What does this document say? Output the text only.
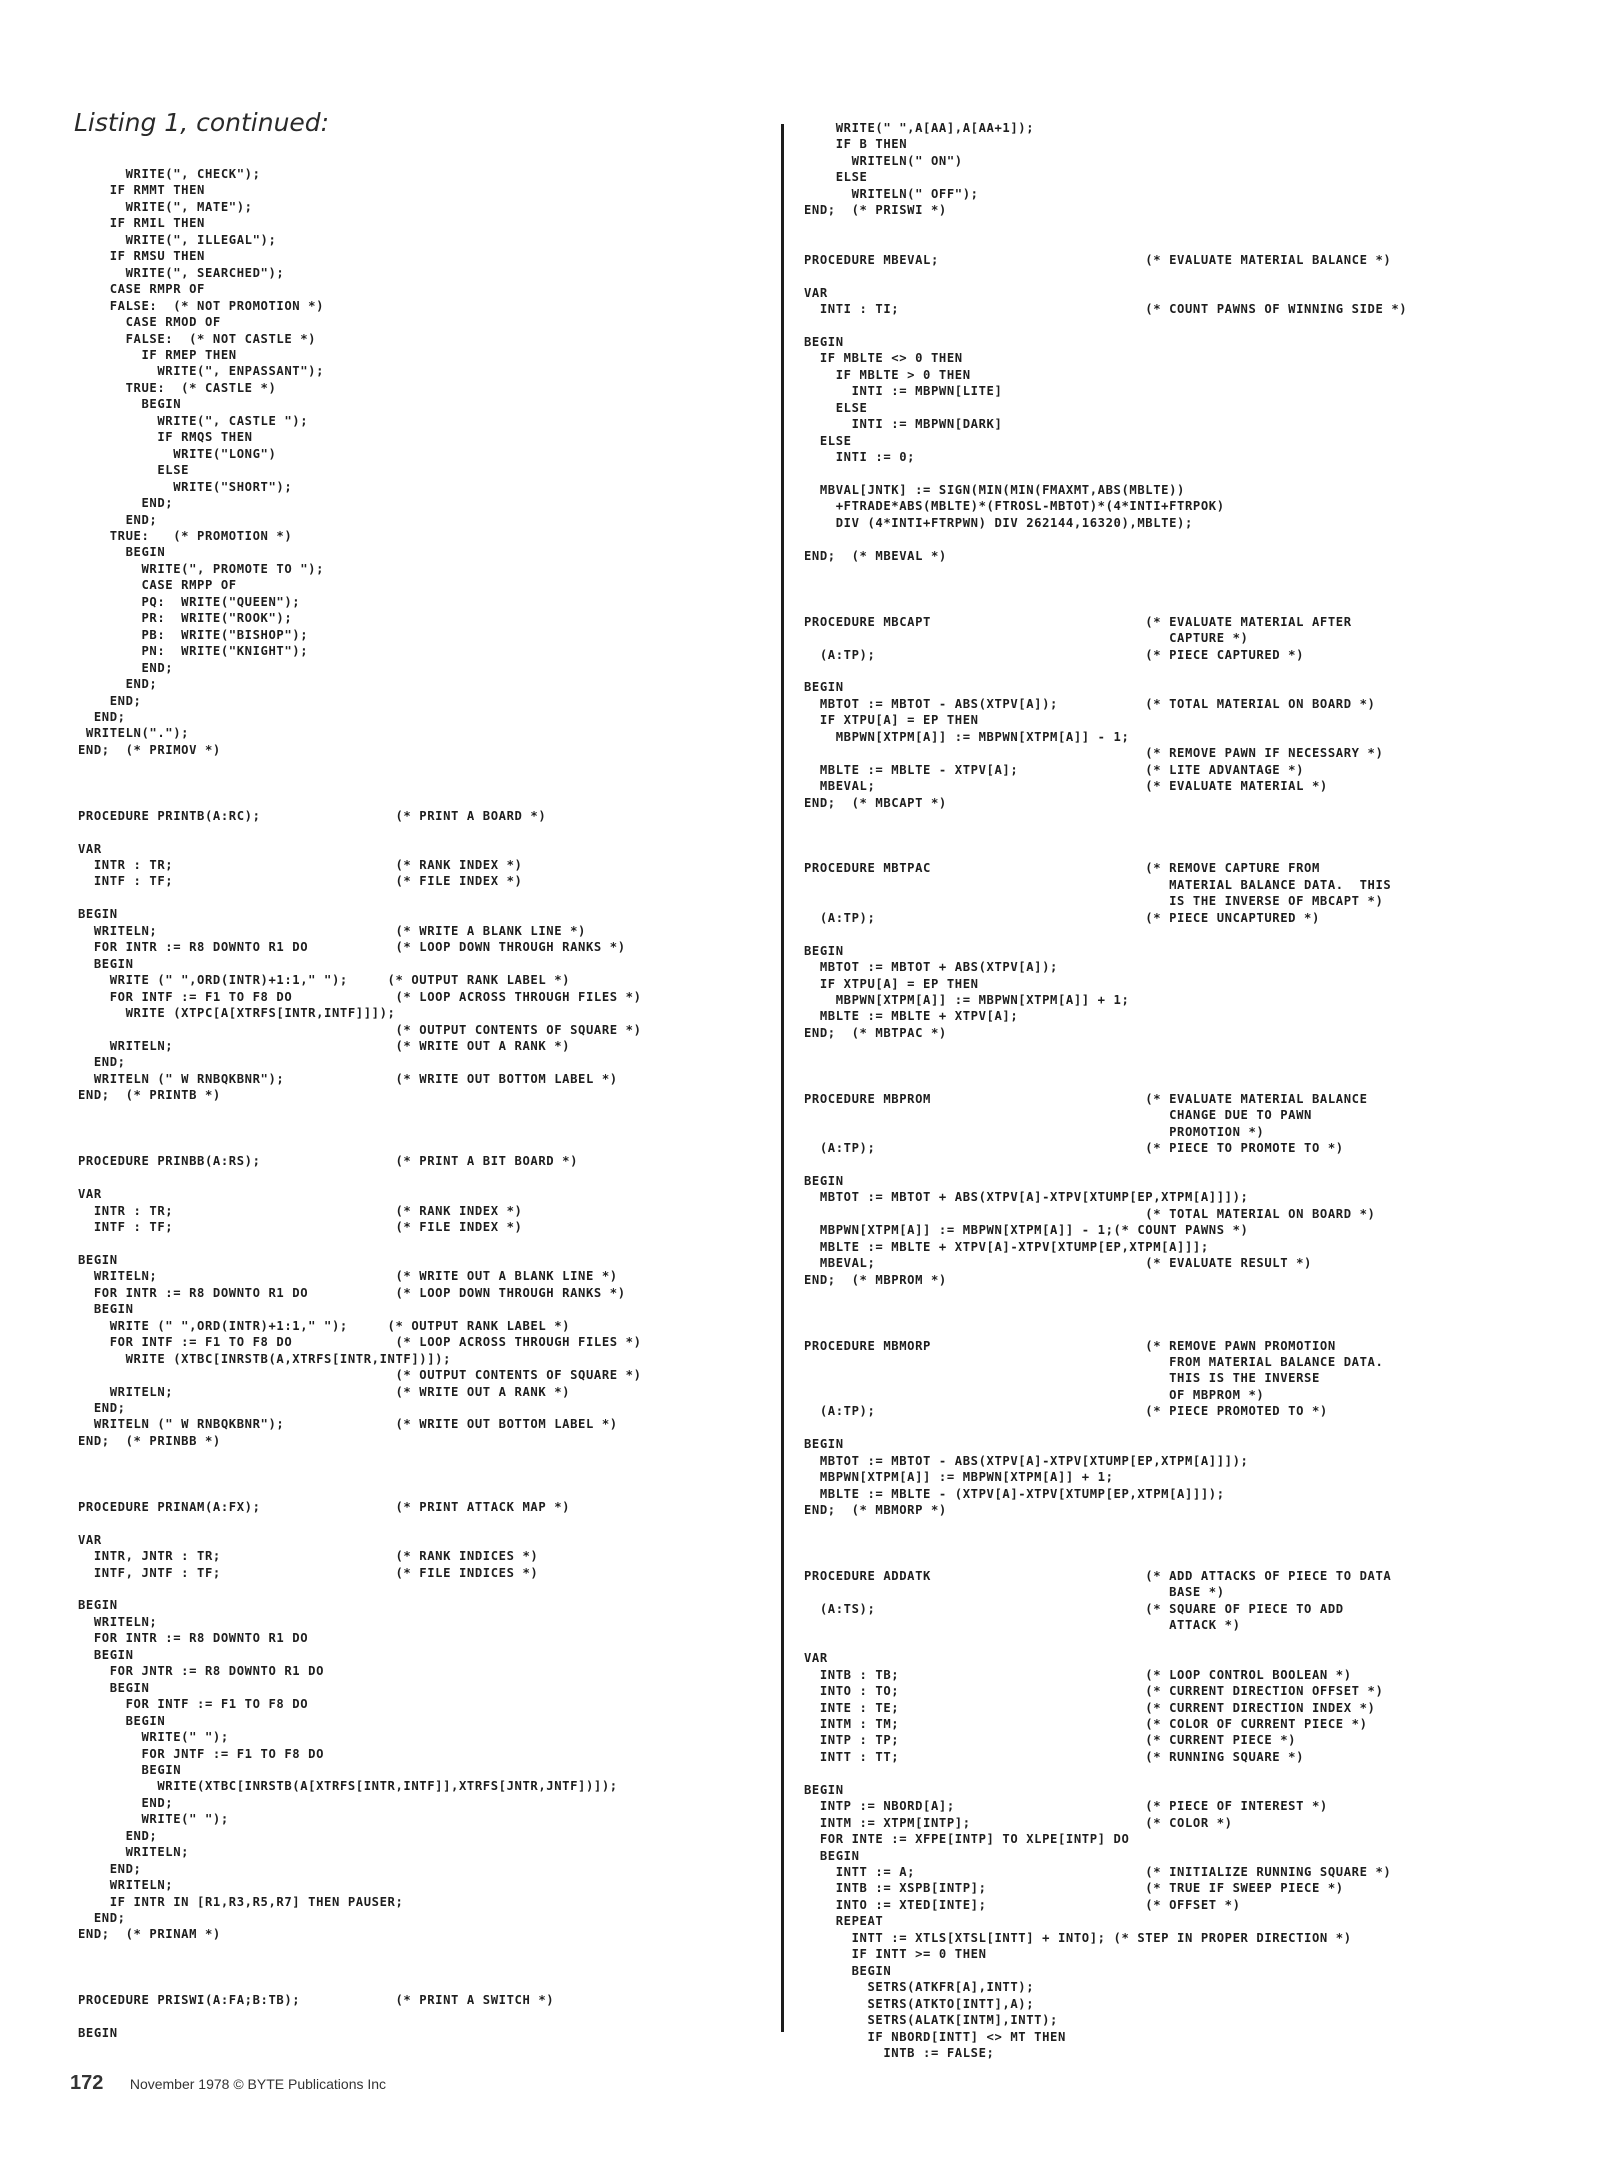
Listing 1, continued:
WRITE(", CHECK");
IF RMMT THEN
WRITE(", MATE");
IF RMIL THEN
WRITE(", ILLEGAL");
IF RMSU THEN
WRITE(", SEARCHED");
CASE RMPR OF
FALSE:  (* NOT PROMOTION *)
CASE RMOD OF
FALSE:  (* NOT CASTLE *)
IF RMEP THEN
WRITE(", ENPASSANT");
TRUE:  (* CASTLE *)
BEGIN
WRITE(", CASTLE ");
IF RMQS THEN
WRITE("LONG")
ELSE
WRITE("SHORT");
END;
END;
TRUE:   (* PROMOTION *)
BEGIN
WRITE(", PROMOTE TO ");
CASE RMPP OF
PQ:  WRITE("QUEEN");
PR:  WRITE("ROOK");
PB:  WRITE("BISHOP");
PN:  WRITE("KNIGHT");
END;
END;
END;
END;
WRITELN(".");
END;  (* PRIMOV *)

PROCEDURE PRINTB(A:RC);                 (* PRINT A BOARD *)

VAR
INTR : TR;                            (* RANK INDEX *)
INTF : TF;                            (* FILE INDEX *)

BEGIN
WRITELN;                              (* WRITE A BLANK LINE *)
FOR INTR := R8 DOWNTO R1 DO           (* LOOP DOWN THROUGH RANKS *)
BEGIN
WRITE (" ",ORD(INTR)+1:1," ");     (* OUTPUT RANK LABEL *)
FOR INTF := F1 TO F8 DO             (* LOOP ACROSS THROUGH FILES *)
WRITE (XTPC[A[XTRFS[INTR,INTF]]]);
(* OUTPUT CONTENTS OF SQUARE *)
WRITELN;                            (* WRITE OUT A RANK *)
END;
WRITELN (" W RNBQKBNR");              (* WRITE OUT BOTTOM LABEL *)
END;  (* PRINTB *)

PROCEDURE PRINBB(A:RS);                 (* PRINT A BIT BOARD *)

VAR
INTR : TR;                            (* RANK INDEX *)
INTF : TF;                            (* FILE INDEX *)

BEGIN
WRITELN;                              (* WRITE OUT A BLANK LINE *)
FOR INTR := R8 DOWNTO R1 DO           (* LOOP DOWN THROUGH RANKS *)
BEGIN
WRITE (" ",ORD(INTR)+1:1," ");     (* OUTPUT RANK LABEL *)
FOR INTF := F1 TO F8 DO             (* LOOP ACROSS THROUGH FILES *)
WRITE (XTBC[INRSTB(A,XTRFS[INTR,INTF])]);
(* OUTPUT CONTENTS OF SQUARE *)
WRITELN;                            (* WRITE OUT A RANK *)
END;
WRITELN (" W RNBQKBNR");              (* WRITE OUT BOTTOM LABEL *)
END;  (* PRINBB *)

PROCEDURE PRINAM(A:FX);                 (* PRINT ATTACK MAP *)

VAR
INTR, JNTR : TR;                      (* RANK INDICES *)
INTF, JNTF : TF;                      (* FILE INDICES *)

BEGIN
WRITELN;
FOR INTR := R8 DOWNTO R1 DO
BEGIN
FOR JNTR := R8 DOWNTO R1 DO
BEGIN
FOR INTF := F1 TO F8 DO
BEGIN
WRITE(" ");
FOR JNTF := F1 TO F8 DO
BEGIN
WRITE(XTBC[INRSTB(A[XTRFS[INTR,INTF]],XTRFS[JNTR,JNTF])]);
END;
WRITE(" ");
END;
WRITELN;
END;
WRITELN;
IF INTR IN [R1,R3,R5,R7] THEN PAUSER;
END;
END;  (* PRINAM *)

PROCEDURE PRISWI(A:FA;B:TB);            (* PRINT A SWITCH *)

BEGIN
WRITE(" ",A[AA],A[AA+1]);
IF B THEN
WRITELN(" ON")
ELSE
WRITELN(" OFF");
END;  (* PRISWI *)

PROCEDURE MBEVAL;                          (* EVALUATE MATERIAL BALANCE *)

VAR
INTI : TI;                               (* COUNT PAWNS OF WINNING SIDE *)

BEGIN
IF MBLTE <> 0 THEN
IF MBLTE > 0 THEN
INTI := MBPWN[LITE]
ELSE
INTI := MBPWN[DARK]
ELSE
INTI := 0;

MBVAL[JNTK] := SIGN(MIN(MIN(FMAXMT,ABS(MBLTE))
+FTRADE*ABS(MBLTE)*(FTROSL-MBTOT)*(4*INTI+FTRPOK)
DIV (4*INTI+FTRPWN) DIV 262144,16320),MBLTE);

END;  (* MBEVAL *)

PROCEDURE MBCAPT                           (* EVALUATE MATERIAL AFTER
CAPTURE *)
(A:TP);                                  (* PIECE CAPTURED *)

BEGIN
MBTOT := MBTOT - ABS(XTPV[A]);           (* TOTAL MATERIAL ON BOARD *)
IF XTPU[A] = EP THEN
MBPWN[XTPM[A]] := MBPWN[XTPM[A]] - 1;
(* REMOVE PAWN IF NECESSARY *)
MBLTE := MBLTE - XTPV[A];                (* LITE ADVANTAGE *)
MBEVAL;                                  (* EVALUATE MATERIAL *)
END;  (* MBCAPT *)

PROCEDURE MBTPAC                           (* REMOVE CAPTURE FROM
MATERIAL BALANCE DATA.  THIS
IS THE INVERSE OF MBCAPT *)
(A:TP);                                  (* PIECE UNCAPTURED *)

BEGIN
MBTOT := MBTOT + ABS(XTPV[A]);
IF XTPU[A] = EP THEN
MBPWN[XTPM[A]] := MBPWN[XTPM[A]] + 1;
MBLTE := MBLTE + XTPV[A];
END;  (* MBTPAC *)

PROCEDURE MBPROM                           (* EVALUATE MATERIAL BALANCE
CHANGE DUE TO PAWN
PROMOTION *)
(A:TP);                                  (* PIECE TO PROMOTE TO *)

BEGIN
MBTOT := MBTOT + ABS(XTPV[A]-XTPV[XTUMP[EP,XTPM[A]]]);
(* TOTAL MATERIAL ON BOARD *)
MBPWN[XTPM[A]] := MBPWN[XTPM[A]] - 1;(* COUNT PAWNS *)
MBLTE := MBLTE + XTPV[A]-XTPV[XTUMP[EP,XTPM[A]]];
MBEVAL;                                  (* EVALUATE RESULT *)
END;  (* MBPROM *)

PROCEDURE MBMORP                           (* REMOVE PAWN PROMOTION
FROM MATERIAL BALANCE DATA.
THIS IS THE INVERSE
OF MBPROM *)
(A:TP);                                  (* PIECE PROMOTED TO *)

BEGIN
MBTOT := MBTOT - ABS(XTPV[A]-XTPV[XTUMP[EP,XTPM[A]]]);
MBPWN[XTPM[A]] := MBPWN[XTPM[A]] + 1;
MBLTE := MBLTE - (XTPV[A]-XTPV[XTUMP[EP,XTPM[A]]]);
END;  (* MBMORP *)

PROCEDURE ADDATK                           (* ADD ATTACKS OF PIECE TO DATA
BASE *)
(A:TS);                                  (* SQUARE OF PIECE TO ADD
ATTACK *)

VAR
INTB : TB;                               (* LOOP CONTROL BOOLEAN *)
INTO : TO;                               (* CURRENT DIRECTION OFFSET *)
INTE : TE;                               (* CURRENT DIRECTION INDEX *)
INTM : TM;                               (* COLOR OF CURRENT PIECE *)
INTP : TP;                               (* CURRENT PIECE *)
INTT : TT;                               (* RUNNING SQUARE *)

BEGIN
INTP := NBORD[A];                        (* PIECE OF INTEREST *)
INTM := XTPM[INTP];                      (* COLOR *)
FOR INTE := XFPE[INTP] TO XLPE[INTP] DO
BEGIN
INTT := A;                             (* INITIALIZE RUNNING SQUARE *)
INTB := XSPB[INTP];                    (* TRUE IF SWEEP PIECE *)
INTO := XTED[INTE];                    (* OFFSET *)
REPEAT
INTT := XTLS[XTSL[INTT] + INTO]; (* STEP IN PROPER DIRECTION *)
IF INTT >= 0 THEN
BEGIN
SETRS(ATKFR[A],INTT);
SETRS(ATKTO[INTT],A);
SETRS(ALATK[INTM],INTT);
IF NBORD[INTT] <> MT THEN
INTB := FALSE;
172 November 1978 © BYTE Publications Inc
